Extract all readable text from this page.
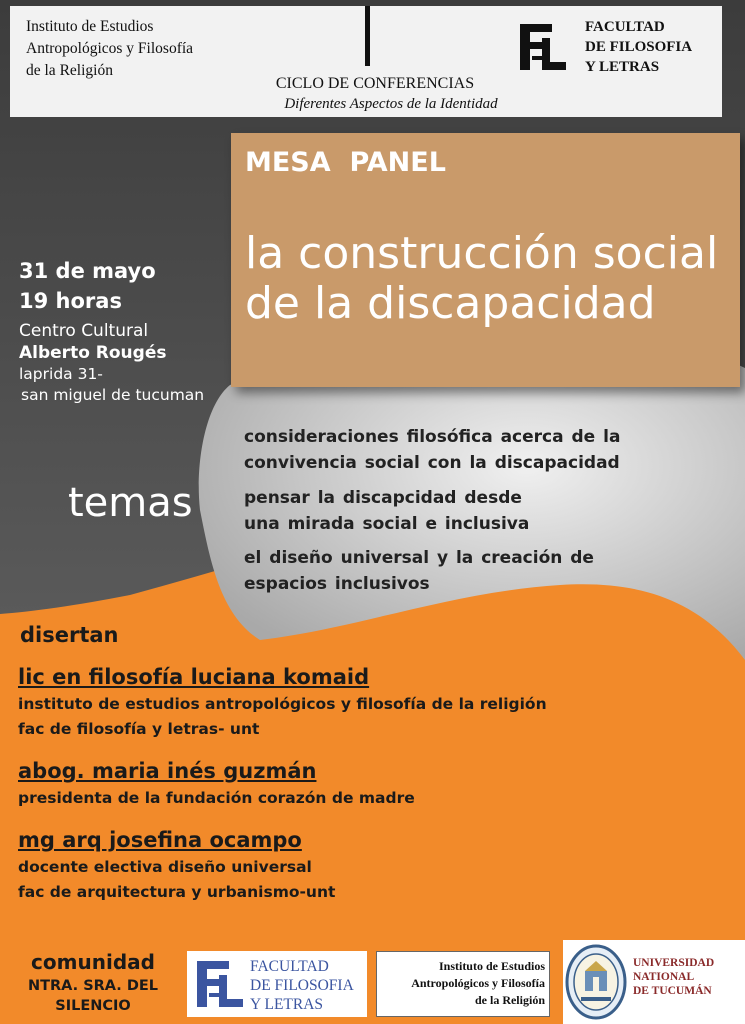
Instituto de Estudios
Antropológicos y Filosofía
de la Religión
FACULTAD
DE FILOSOFIA
Y LETRAS
CICLO DE CONFERENCIAS
Diferentes Aspectos de la Identidad
MESA  PANEL
la construcción social de la discapacidad
31 de mayo
19 horas
Centro Cultural
Alberto Rougés
laprida 31-
san miguel de tucuman
temas
consideraciones filosófica acerca de la
convivencia social con la discapacidad
pensar la discapcidad desde
una mirada social e inclusiva
el diseño universal y la creación de
espacios inclusivos
disertan
lic en filosofía luciana komaid
instituto de estudios antropológicos y filosofía de la religión
fac de filosofía y letras- unt
abog. maria inés guzmán
presidenta de la fundación corazón de madre
mg arq josefina ocampo
docente electiva diseño universal
fac de arquitectura y urbanismo-unt
comunidad
NTRA. SRA. DEL
SILENCIO
FACULTAD
DE FILOSOFIA
Y LETRAS
Instituto de Estudios
Antropológicos y Filosofía
de la Religión
UNIVERSIDAD
NATIONAL
DE TUCUMÁN
